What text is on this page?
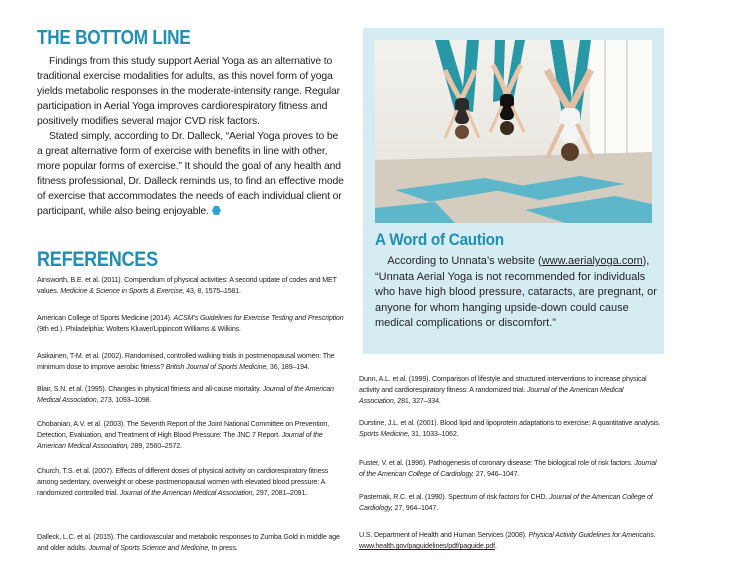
THE BOTTOM LINE

Findings from this study support Aerial Yoga as an alternative to traditional exercise modalities for adults, as this novel form of yoga yields metabolic responses in the moderate-intensity range. Regular participation in Aerial Yoga improves cardiorespiratory fitness and positively modifies several major CVD risk factors.

Stated simply, according to Dr. Dalleck, “Aerial Yoga proves to be a great alternative form of exercise with benefits in line with other, more popular forms of exercise.” It should the goal of any health and fitness professional, Dr. Dalleck reminds us, to find an effective mode of exercise that accommodates the needs of each individual client or participant, while also being enjoyable.

REFERENCES
Ainsworth, B.E. et al. (2011). Compendium of physical activities: A second update of codes and MET values. Medicine & Science in Sports & Exercise, 43, 8, 1575–1581.
American College of Sports Medicine (2014). ACSM’s Guidelines for Exercise Testing and Prescription (9th ed.). Philadelphia: Wolters Kluwer/Lippincott Williams & Wilkins.
Asikainen, T-M. et al. (2002). Randomised, controlled walking trials in postmenopausal women: The minimum dose to improve aerobic fitness? British Journal of Sports Medicine, 36, 189–194.
Blair, S.N. et al. (1995). Changes in physical fitness and all-cause mortality. Journal of the American Medical Association, 273, 1093–1098.
Chobanian, A.V. et al. (2003). The Seventh Report of the Joint National Committee on Prevention, Detection, Evaluation, and Treatment of High Blood Pressure: The JNC 7 Report. Journal of the American Medical Association, 289, 2560–2572.
Church, T.S. et al. (2007). Effects of different doses of physical activity on cardiorespiratory fitness among sedentary, overweight or obese postmenopausal women with elevated blood pressure: A randomized controlled trial. Journal of the American Medical Association, 297, 2081–2091.
Dalleck, L.C. et al. (2015). The cardiovascular and metabolic responses to Zumba Gold in middle age and older adults. Journal of Sports Science and Medicine, In press.
Dunn, A.L. et al. (1999). Comparison of lifestyle and structured interventions to increase physical activity and cardiorespiratory fitness: A randomized trial. Journal of the American Medical Association, 281, 327–334.
Durstine, J.L. et al. (2001). Blood lipid and lipoprotein adaptations to exercise: A quantitative analysis. Sports Medicine, 31, 1033–1062.
Fuster, V. et al. (1996). Pathogenesis of coronary disease: The biological role of risk factors. Journal of the American College of Cardiology, 27, 946–1047.
Pasternak, R.C. et al. (1990). Spectrum of risk factors for CHD. Journal of the American College of Cardiology, 27, 964–1047.
U.S. Department of Health and Human Services (2008). Physical Activity Guidelines for Americans. www.health.gov/paguidelines/pdf/paguide.pdf.
A Word of Caution
According to Unnata’s website (www.aerialyoga.com), “Unnata Aerial Yoga is not recommended for individuals who have high blood pressure, cataracts, are pregnant, or anyone for whom hanging upside-down could cause medical complications or discomfort.”
